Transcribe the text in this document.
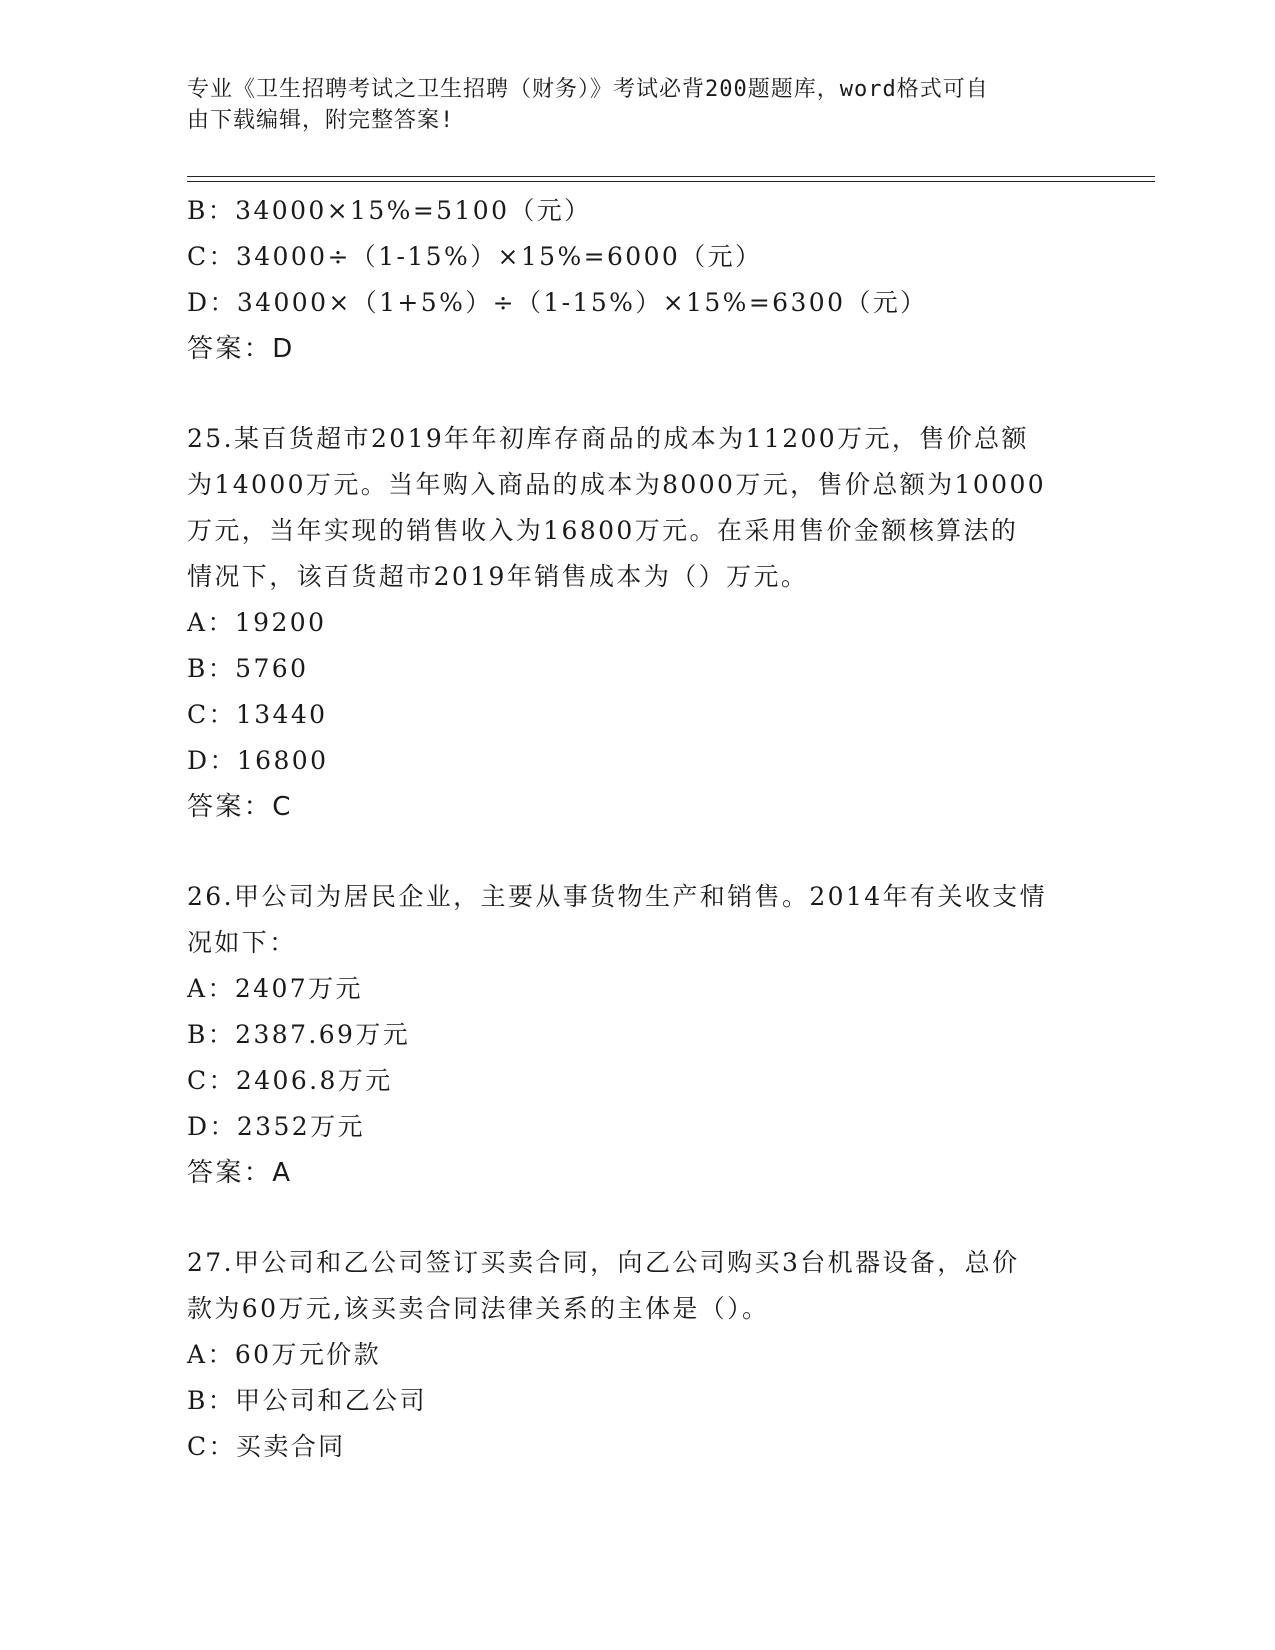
专业《卫生招聘考试之卫生招聘（财务）》考试必背200题题库，word格式可自
由下载编辑，附完整答案!
B：34000×15%=5100（元）
C：34000÷（1-15%）×15%=6000（元）
D：34000×（1+5%）÷（1-15%）×15%=6300（元）
答案：D
25.某百货超市2019年年初库存商品的成本为11200万元，售价总额
为14000万元。当年购入商品的成本为8000万元，售价总额为10000
万元，当年实现的销售收入为16800万元。在采用售价金额核算法的
情况下，该百货超市2019年销售成本为（）万元。
A：19200
B：5760
C：13440
D：16800
答案：C
26.甲公司为居民企业，主要从事货物生产和销售。2014年有关收支情
况如下：
A：2407万元
B：2387.69万元
C：2406.8万元
D：2352万元
答案：A
27.甲公司和乙公司签订买卖合同，向乙公司购买3台机器设备，总价
款为60万元,该买卖合同法律关系的主体是（）。
A：60万元价款
B：甲公司和乙公司
C：买卖合同
